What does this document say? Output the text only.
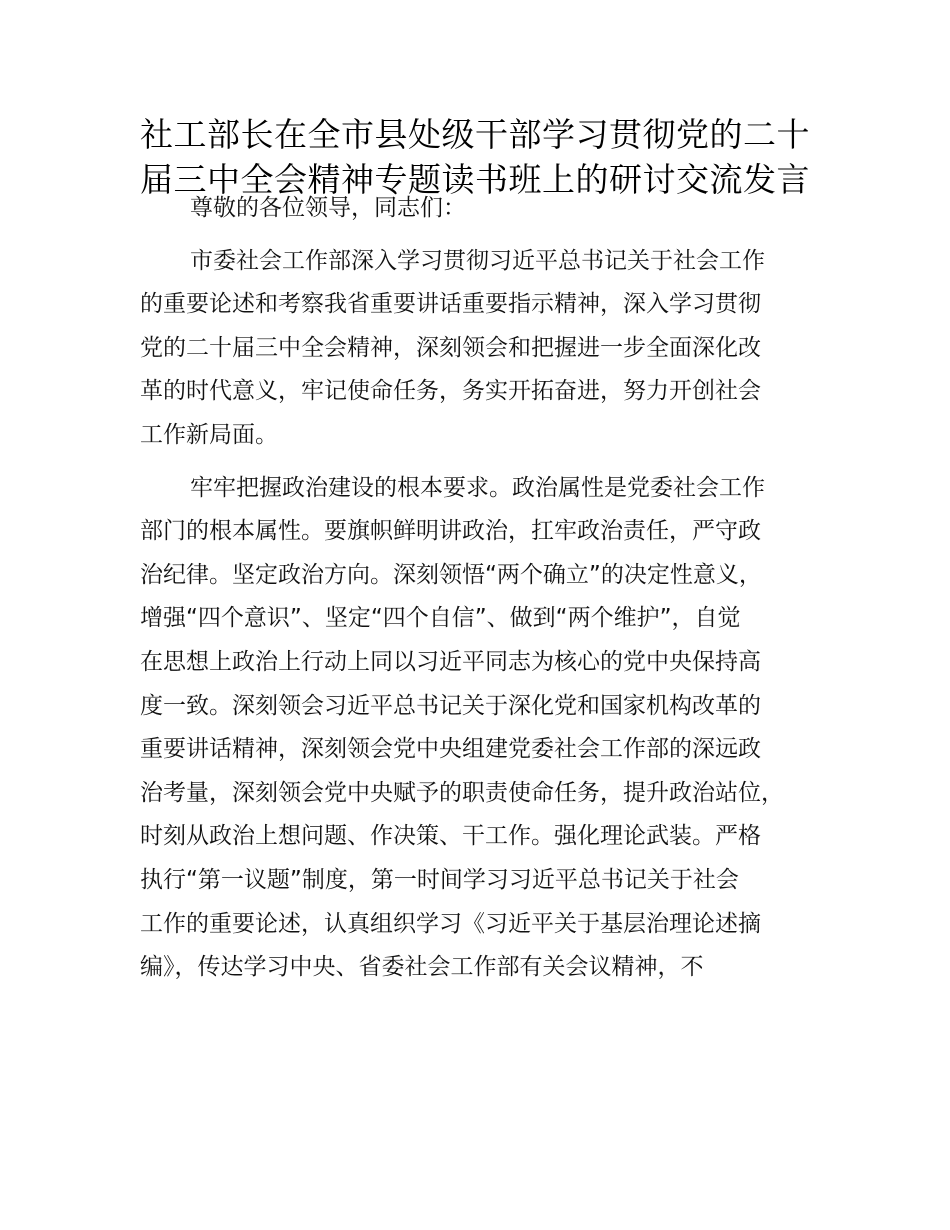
社工部长在全市县处级干部学习贯彻党的二十
届三中全会精神专题读书班上的研讨交流发言

尊敬的各位领导，同志们：

市委社会工作部深入学习贯彻习近平总书记关于社会工作
的重要论述和考察我省重要讲话重要指示精神，深入学习贯彻
党的二十届三中全会精神，深刻领会和把握进一步全面深化改
革的时代意义，牢记使命任务，务实开拓奋进，努力开创社会
工作新局面。

牢牢把握政治建设的根本要求。政治属性是党委社会工作
部门的根本属性。要旗帜鲜明讲政治，扛牢政治责任，严守政
治纪律。坚定政治方向。深刻领悟“两个确立”的决定性意义，
增强“四个意识”、坚定“四个自信”、做到“两个维护”，自觉
在思想上政治上行动上同以习近平同志为核心的党中央保持高
度一致。深刻领会习近平总书记关于深化党和国家机构改革的
重要讲话精神，深刻领会党中央组建党委社会工作部的深远政
治考量，深刻领会党中央赋予的职责使命任务，提升政治站位，
时刻从政治上想问题、作决策、干工作。强化理论武装。严格
执行“第一议题”制度，第一时间学习习近平总书记关于社会
工作的重要论述，认真组织学习《习近平关于基层治理论述摘
编》，传达学习中央、省委社会工作部有关会议精神，不
